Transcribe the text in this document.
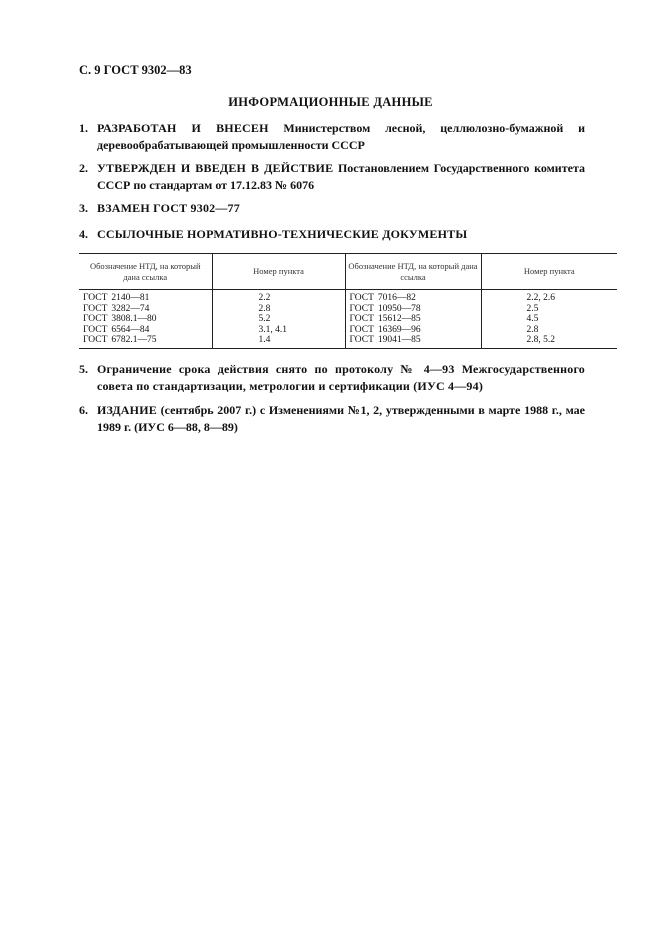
С. 9 ГОСТ 9302—83
ИНФОРМАЦИОННЫЕ ДАННЫЕ
1. РАЗРАБОТАН И ВНЕСЕН Министерством лесной, целлюлозно-бумажной и деревообрабатывающей промышленности СССР
2. УТВЕРЖДЕН И ВВЕДЕН В ДЕЙСТВИЕ Постановлением Государственного комитета СССР по стандартам от 17.12.83 № 6076
3. ВЗАМЕН ГОСТ 9302—77
4. ССЫЛОЧНЫЕ НОРМАТИВНО-ТЕХНИЧЕСКИЕ ДОКУМЕНТЫ
Обозначение НТД, на который дана ссылка	Номер пункта	Обозначение НТД, на который дана ссылка	Номер пункта
ГОСТ 2140—81	2.2	ГОСТ 7016—82	2.2, 2.6
ГОСТ 3282—74	2.8	ГОСТ 10950—78	2.5
ГОСТ 3808.1—80	5.2	ГОСТ 15612—85	4.5
ГОСТ 6564—84	3.1, 4.1	ГОСТ 16369—96	2.8
ГОСТ 6782.1—75	1.4	ГОСТ 19041—85	2.8, 5.2
5. Ограничение срока действия снято по протоколу № 4—93 Межгосударственного совета по стандартизации, метрологии и сертификации (ИУС 4—94)
6. ИЗДАНИЕ (сентябрь 2007 г.) с Изменениями №1, 2, утвержденными в марте 1988 г., мае 1989 г. (ИУС 6—88, 8—89)
